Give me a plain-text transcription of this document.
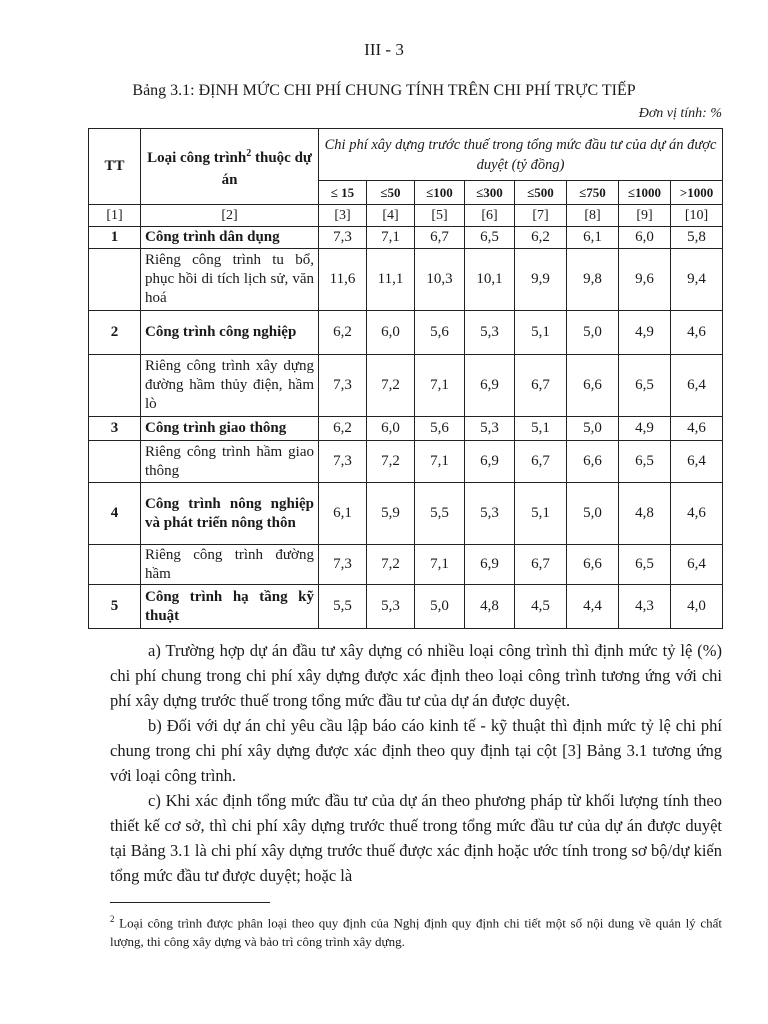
III - 3
Bảng 3.1: ĐỊNH MỨC CHI PHÍ CHUNG TÍNH TRÊN CHI PHÍ TRỰC TIẾP
Đơn vị tính: %
TT	Loại công trình$^2$ thuộc dự án	Chi phí xây dựng trước thuế trong tổng mức đầu tư của dự án được duyệt (tỷ đồng)							
		≤ 15	≤50	≤100	≤300	≤500	≤750	≤1000	>1000
[1]	[2]	[3]	[4]	[5]	[6]	[7]	[8]	[9]	[10]
1	Công trình dân dụng	7,3	7,1	6,7	6,5	6,2	6,1	6,0	5,8
	Riêng công trình tu bổ, phục hồi di tích lịch sử, văn hoá	11,6	11,1	10,3	10,1	9,9	9,8	9,6	9,4
2	Công trình công nghiệp	6,2	6,0	5,6	5,3	5,1	5,0	4,9	4,6
	Riêng công trình xây dựng đường hầm thủy điện, hầm lò	7,3	7,2	7,1	6,9	6,7	6,6	6,5	6,4
3	Công trình giao thông	6,2	6,0	5,6	5,3	5,1	5,0	4,9	4,6
	Riêng công trình hầm giao thông	7,3	7,2	7,1	6,9	6,7	6,6	6,5	6,4
4	Công trình nông nghiệp và phát triển nông thôn	6,1	5,9	5,5	5,3	5,1	5,0	4,8	4,6
	Riêng công trình đường hầm	7,3	7,2	7,1	6,9	6,7	6,6	6,5	6,4
5	Công trình hạ tầng kỹ thuật	5,5	5,3	5,0	4,8	4,5	4,4	4,3	4,0

a) Trường hợp dự án đầu tư xây dựng có nhiều loại công trình thì định mức tỷ lệ (%) chi phí chung trong chi phí xây dựng được xác định theo loại công trình tương ứng với chi phí xây dựng trước thuế trong tổng mức đầu tư của dự án được duyệt.

b) Đối với dự án chỉ yêu cầu lập báo cáo kinh tế - kỹ thuật thì định mức tỷ lệ chi phí chung trong chi phí xây dựng được xác định theo quy định tại cột [3] Bảng 3.1 tương ứng với loại công trình.

c) Khi xác định tổng mức đầu tư của dự án theo phương pháp từ khối lượng tính theo thiết kế cơ sở, thì chi phí xây dựng trước thuế trong tổng mức đầu tư của dự án được duyệt tại Bảng 3.1 là chi phí xây dựng trước thuế được xác định hoặc ước tính trong sơ bộ/dự kiến tổng mức đầu tư được duyệt; hoặc là

$^2$ Loại công trình được phân loại theo quy định của Nghị định quy định chi tiết một số nội dung về quản lý chất lượng, thi công xây dựng và bảo trì công trình xây dựng.
